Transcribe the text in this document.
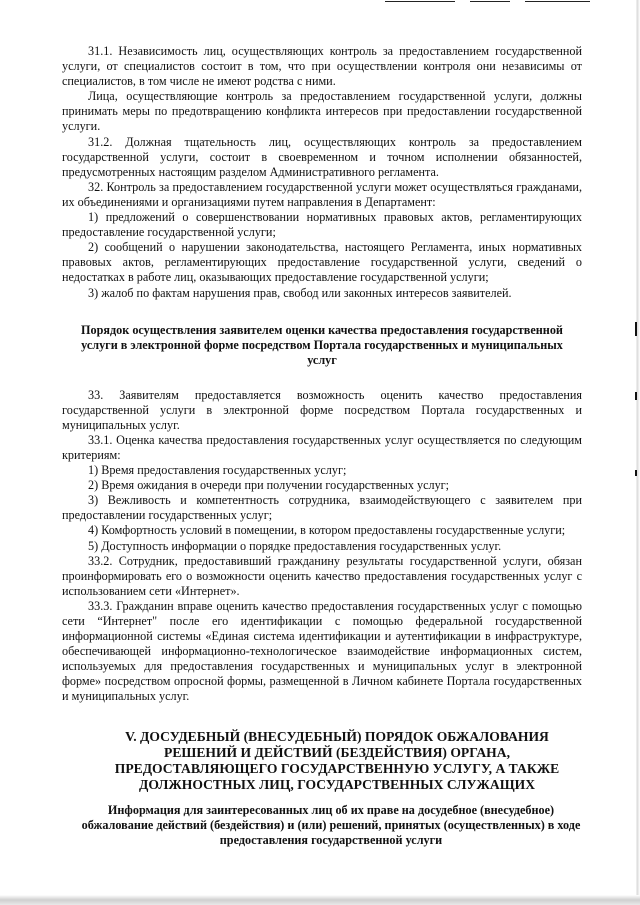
31.1. Независимость лиц, осуществляющих контроль за предоставлением государственной услуги, от специалистов состоит в том, что при осуществлении контроля они независимы от специалистов, в том числе не имеют родства с ними.

Лица, осуществляющие контроль за предоставлением государственной услуги, должны принимать меры по предотвращению конфликта интересов при предоставлении государственной услуги.

31.2. Должная тщательность лиц, осуществляющих контроль за предоставлением государственной услуги, состоит в своевременном и точном исполнении обязанностей, предусмотренных настоящим разделом Административного регламента.

32. Контроль за предоставлением государственной услуги может осуществляться гражданами, их объединениями и организациями путем направления в Департамент:

1) предложений о совершенствовании нормативных правовых актов, регламентирующих предоставление государственной услуги;

2) сообщений о нарушении законодательства, настоящего Регламента, иных нормативных правовых актов, регламентирующих предоставление государственной услуги, сведений о недостатках в работе лиц, оказывающих предоставление государственной услуги;

3) жалоб по фактам нарушения прав, свобод или законных интересов заявителей.

Порядок осуществления заявителем оценки качества предоставления государственной услуги в электронной форме посредством Портала государственных и муниципальных услуг

33. Заявителям предоставляется возможность оценить качество предоставления государственной услуги в электронной форме посредством Портала государственных и муниципальных услуг.

33.1. Оценка качества предоставления государственных услуг осуществляется по следующим критериям:

1) Время предоставления государственных услуг;

2) Время ожидания в очереди при получении государственных услуг;

3) Вежливость и компетентность сотрудника, взаимодействующего с заявителем при предоставлении государственных услуг;

4) Комфортность условий в помещении, в котором предоставлены государственные услуги;

5) Доступность информации о порядке предоставления государственных услуг.

33.2. Сотрудник, предоставивший гражданину результаты государственной услуги, обязан проинформировать его о возможности оценить качество предоставления государственных услуг с использованием сети «Интернет».

33.3. Гражданин вправе оценить качество предоставления государственных услуг с помощью сети “Интернет" после его идентификации с помощью федеральной государственной информационной системы «Единая система идентификации и аутентификации в инфраструктуре, обеспечивающей информационно-технологическое взаимодействие информационных систем, используемых для предоставления государственных и муниципальных услуг в электронной форме» посредством опросной формы, размещенной в Личном кабинете Портала государственных и муниципальных услуг.

V. ДОСУДЕБНЫЙ (ВНЕСУДЕБНЫЙ) ПОРЯДОК ОБЖАЛОВАНИЯ РЕШЕНИЙ И ДЕЙСТВИЙ (БЕЗДЕЙСТВИЯ) ОРГАНА, ПРЕДОСТАВЛЯЮЩЕГО ГОСУДАРСТВЕННУЮ УСЛУГУ, А ТАКЖЕ ДОЛЖНОСТНЫХ ЛИЦ, ГОСУДАРСТВЕННЫХ СЛУЖАЩИХ

Информация для заинтересованных лиц об их праве на досудебное (внесудебное) обжалование действий (бездействия) и (или) решений, принятых (осуществленных) в ходе предоставления государственной услуги
